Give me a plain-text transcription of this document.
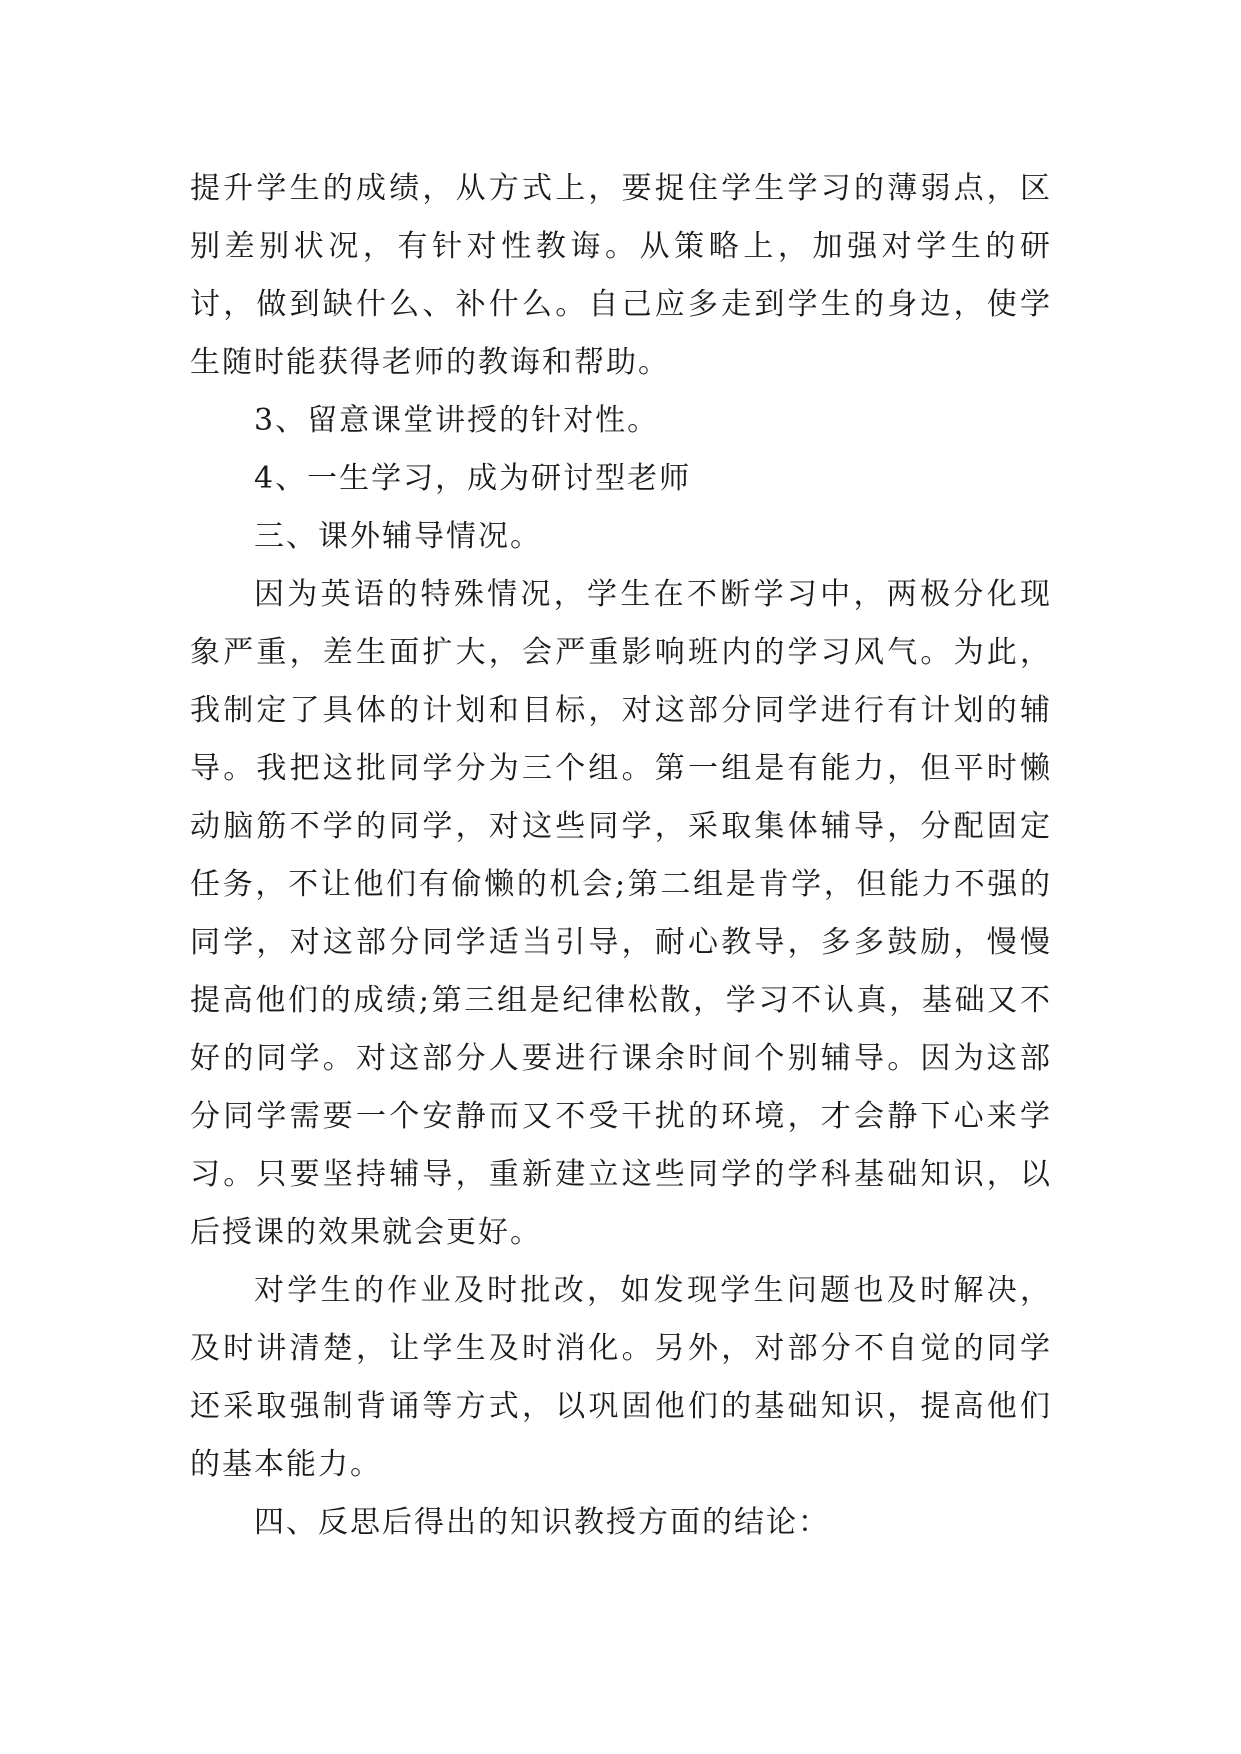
提升学生的成绩，从方式上，要捉住学生学习的薄弱点，区别差别状况，有针对性教诲。从策略上，加强对学生的研讨，做到缺什么、补什么。自己应多走到学生的身边，使学生随时能获得老师的教诲和帮助。

3、留意课堂讲授的针对性。

4、一生学习，成为研讨型老师

三、课外辅导情况。

因为英语的特殊情况，学生在不断学习中，两极分化现象严重，差生面扩大，会严重影响班内的学习风气。为此，我制定了具体的计划和目标，对这部分同学进行有计划的辅导。我把这批同学分为三个组。第一组是有能力，但平时懒动脑筋不学的同学，对这些同学，采取集体辅导，分配固定任务，不让他们有偷懒的机会;第二组是肯学，但能力不强的同学，对这部分同学适当引导，耐心教导，多多鼓励，慢慢提高他们的成绩;第三组是纪律松散，学习不认真，基础又不好的同学。对这部分人要进行课余时间个别辅导。因为这部分同学需要一个安静而又不受干扰的环境，才会静下心来学习。只要坚持辅导，重新建立这些同学的学科基础知识，以后授课的效果就会更好。

对学生的作业及时批改，如发现学生问题也及时解决，及时讲清楚，让学生及时消化。另外，对部分不自觉的同学还采取强制背诵等方式，以巩固他们的基础知识，提高他们的基本能力。

四、反思后得出的知识教授方面的结论：
